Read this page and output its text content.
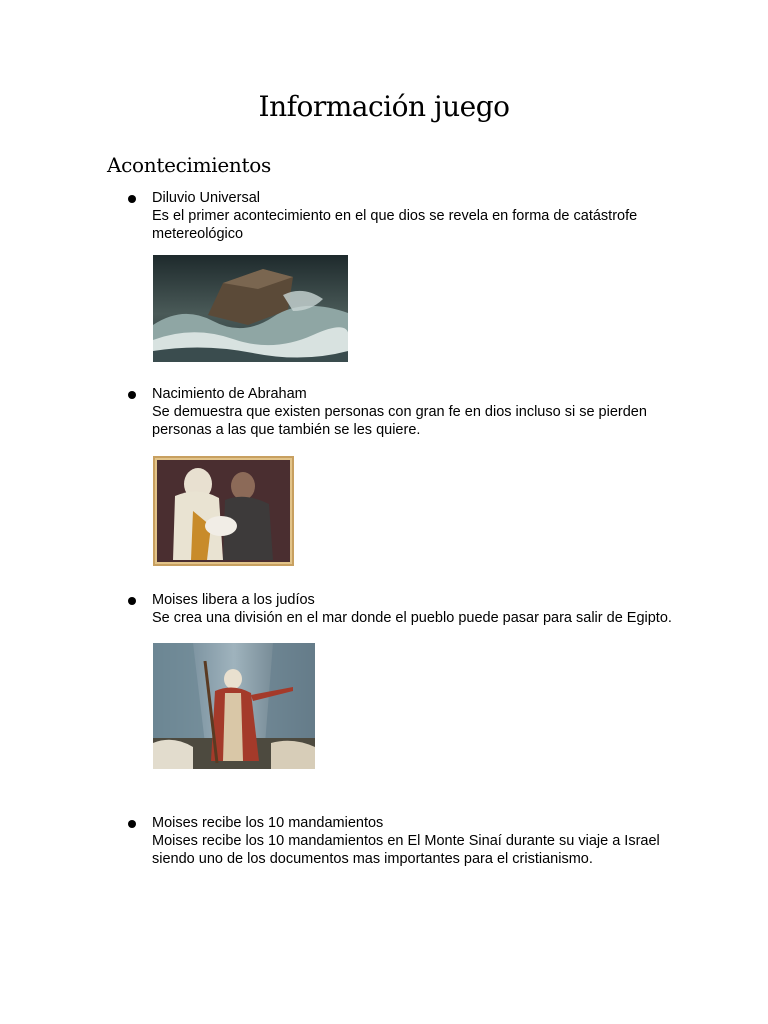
Información juego
Acontecimientos
Diluvio Universal
Es el primer acontecimiento en el que dios se revela en forma de catástrofe metereológico
Nacimiento de Abraham
Se demuestra que existen personas con gran fe en dios incluso si se pierden personas a las que también se les quiere.
Moises libera a los judíos
Se crea una división en el mar donde el pueblo puede pasar para salir de Egipto.
Moises recibe los 10 mandamientos
Moises recibe los 10 mandamientos en El Monte Sinaí durante su viaje a Israel siendo uno de los documentos mas importantes para el cristianismo.
